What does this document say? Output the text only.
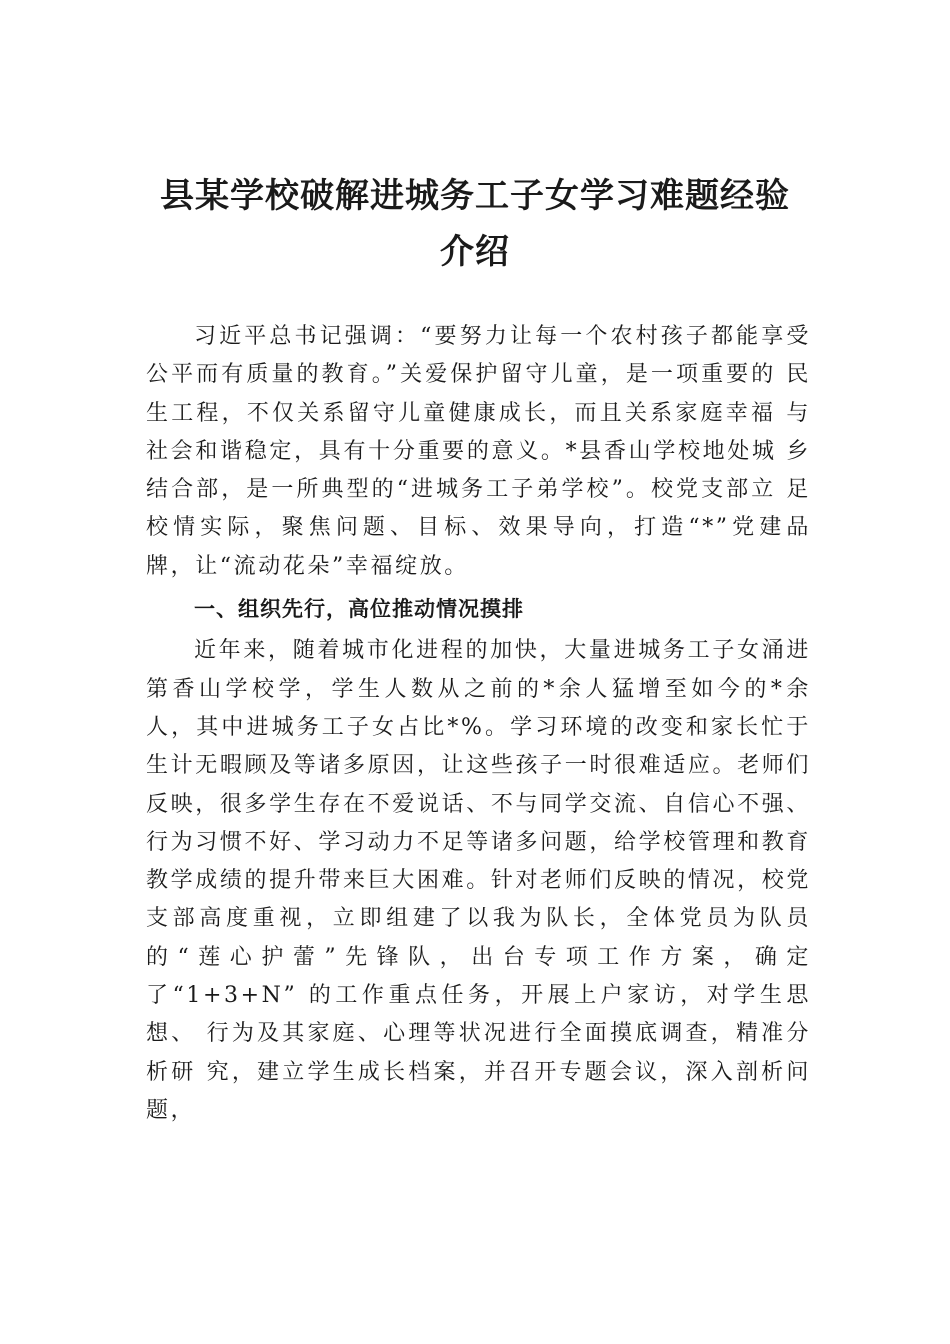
县某学校破解进城务工子女学习难题经验
介绍

习近平总书记强调：“要努力让每一个农村孩子都能享受公平而有质量的教育。”关爱保护留守儿童，是一项重要的 民生工程，不仅关系留守儿童健康成长，而且关系家庭幸福 与社会和谐稳定，具有十分重要的意义。*县香山学校地处城 乡结合部，是一所典型的“进城务工子弟学校”。校党支部立 足校情实际，聚焦问题、目标、效果导向，打造“*”党建品 牌，让“流动花朵”幸福绽放。

一、组织先行，高位推动情况摸排

近年来，随着城市化进程的加快，大量进城务工子女涌进第香山学校学，学生人数从之前的*余人猛增至如今的*余人，其中进城务工子女占比*%。学习环境的改变和家长忙于生计无暇顾及等诸多原因，让这些孩子一时很难适应。老师们反映，很多学生存在不爱说话、不与同学交流、自信心不强、行为习惯不好、学习动力不足等诸多问题，给学校管理和教育教学成绩的提升带来巨大困难。针对老师们反映的情况，校党支部高度重视，立即组建了以我为队长，全体党员为队员的“莲心护蕾”先锋队，出台专项工作方案，确定了“1+3+N” 的工作重点任务，开展上户家访，对学生思想、 行为及其家庭、心理等状况进行全面摸底调查，精准分析研 究，建立学生成长档案，并召开专题会议，深入剖析问题，
